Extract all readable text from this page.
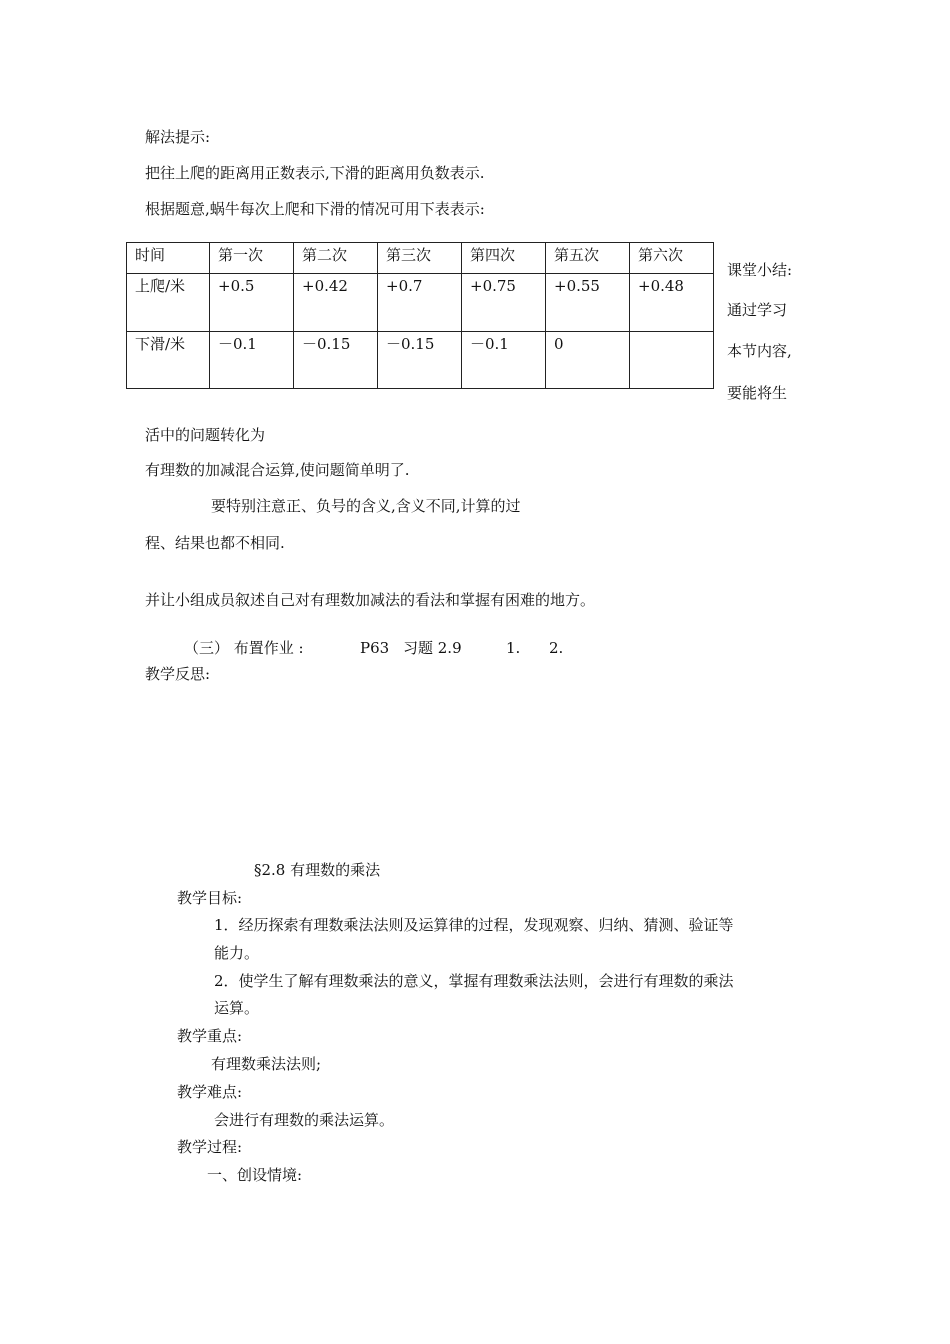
解法提示:
把往上爬的距离用正数表示,下滑的距离用负数表示.
根据题意,蜗牛每次上爬和下滑的情况可用下表表示:
时间	第一次	第二次	第三次	第四次	第五次	第六次
上爬/米	+0.5	+0.42	+0.7	+0.75	+0.55	+0.48
下滑/米	－0.1	－0.15	－0.15	－0.1	0	
课堂小结:
通过学习
本节内容,
要能将生
活中的问题转化为
有理数的加减混合运算,使问题简单明了.
要特别注意正、负号的含义,含义不同,计算的过
程、结果也都不相同.
并让小组成员叙述自己对有理数加减法的看法和掌握有困难的地方。
（三） 布置作业 :	P63 习题 2.9	1. 2.
教学反思:
§2.8 有理数的乘法
教学目标:
1．经历探索有理数乘法法则及运算律的过程，发现观察、归纳、猜测、验证等
能力。
2．使学生了解有理数乘法的意义，掌握有理数乘法法则，会进行有理数的乘法
运算。
教学重点:
有理数乘法法则;
教学难点:
会进行有理数的乘法运算。
教学过程:
一、创设情境:
